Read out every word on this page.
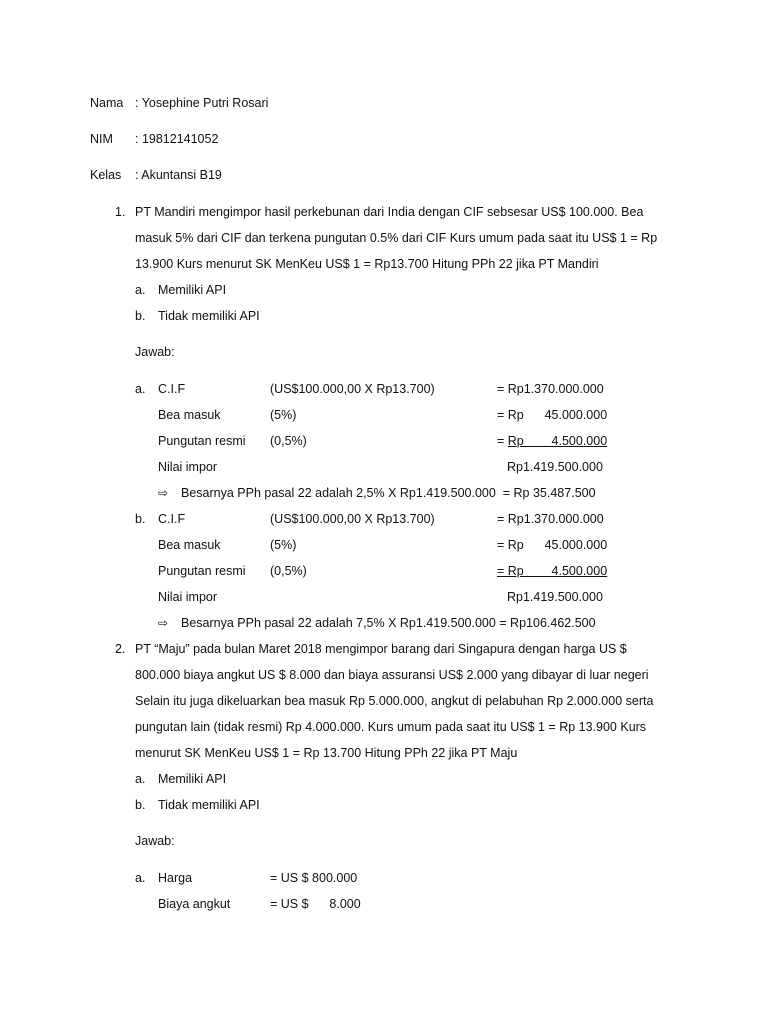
Nama : Yosephine Putri Rosari
NIM : 19812141052
Kelas : Akuntansi B19
1. PT Mandiri mengimpor hasil perkebunan dari India dengan CIF sebsesar US$ 100.000. Bea
masuk 5% dari CIF dan terkena pungutan 0.5% dari CIF Kurs umum pada saat itu US$ 1 = Rp
13.900 Kurs menurut SK MenKeu US$ 1 = Rp13.700 Hitung PPh 22 jika PT Mandiri
a. Memiliki API
b. Tidak memiliki API
Jawab:
a. C.I.F	(US$100.000,00 X Rp13.700)	= Rp1.370.000.000
Bea masuk	(5%)	= Rp      45.000.000
Pungutan resmi (0,5%)	= Rp        4.500.000
Nilai impor	Rp1.419.500.000
⇨ Besarnya PPh pasal 22 adalah 2,5% X Rp1.419.500.000  = Rp 35.487.500
b. C.I.F	(US$100.000,00 X Rp13.700)	= Rp1.370.000.000
Bea masuk	(5%)	= Rp      45.000.000
Pungutan resmi (0,5%)	= Rp        4.500.000
Nilai impor	Rp1.419.500.000
⇨ Besarnya PPh pasal 22 adalah 7,5% X Rp1.419.500.000 = Rp106.462.500
2. PT “Maju” pada bulan Maret 2018 mengimpor barang dari Singapura dengan harga US $
800.000 biaya angkut US $ 8.000 dan biaya assuransi US$ 2.000 yang dibayar di luar negeri
Selain itu juga dikeluarkan bea masuk Rp 5.000.000, angkut di pelabuhan Rp 2.000.000 serta
pungutan lain (tidak resmi) Rp 4.000.000. Kurs umum pada saat itu US$ 1 = Rp 13.900 Kurs
menurut SK MenKeu US$ 1 = Rp 13.700 Hitung PPh 22 jika PT Maju
a. Memiliki API
b. Tidak memiliki API
Jawab:
a. Harga	= US $ 800.000
Biaya angkut	= US $      8.000
